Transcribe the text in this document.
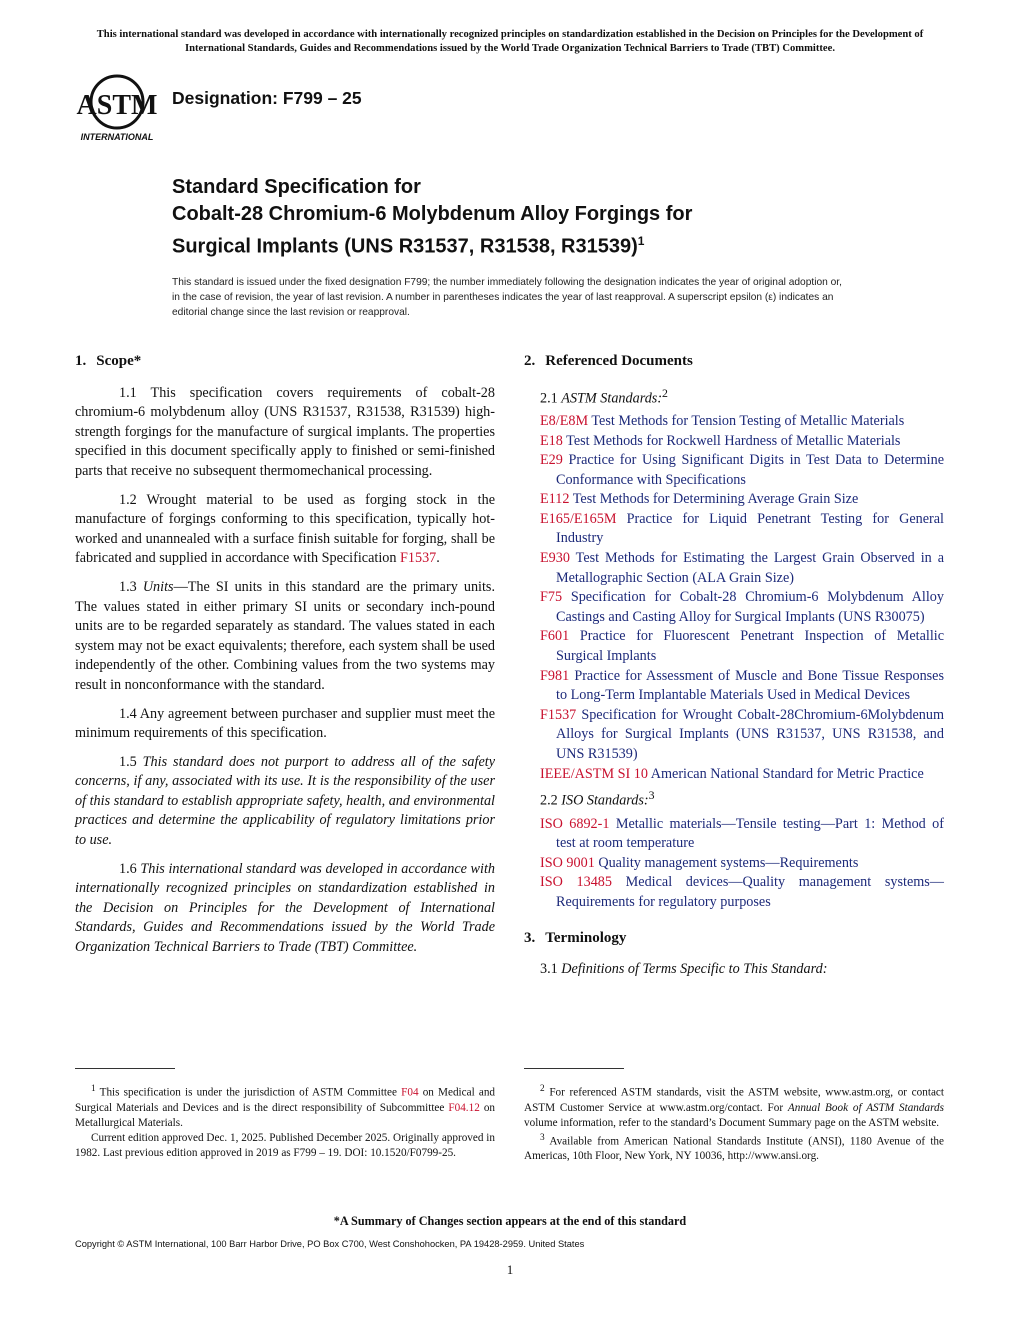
This international standard was developed in accordance with internationally recognized principles on standardization established in the Decision on Principles for the Development of International Standards, Guides and Recommendations issued by the World Trade Organization Technical Barriers to Trade (TBT) Committee.
ASTM
INTERNATIONAL
Designation: F799 – 25
Standard Specification for
Cobalt-28 Chromium-6 Molybdenum Alloy Forgings for
Surgical Implants (UNS R31537, R31538, R31539)$^1$
This standard is issued under the fixed designation F799; the number immediately following the designation indicates the year of original adoption or, in the case of revision, the year of last revision. A number in parentheses indicates the year of last reapproval. A superscript epsilon (ε) indicates an editorial change since the last revision or reapproval.
1. Scope*

1.1 This specification covers requirements of cobalt-28 chromium-6 molybdenum alloy (UNS R31537, R31538, R31539) high-strength forgings for the manufacture of surgical implants. The properties specified in this document specifically apply to finished or semi-finished parts that receive no subsequent thermomechanical processing.

1.2 Wrought material to be used as forging stock in the manufacture of forgings conforming to this specification, typically hot-worked and unannealed with a surface finish suitable for forging, shall be fabricated and supplied in accordance with Specification F1537.

1.3 Units—The SI units in this standard are the primary units. The values stated in either primary SI units or secondary inch-pound units are to be regarded separately as standard. The values stated in each system may not be exact equivalents; therefore, each system shall be used independently of the other. Combining values from the two systems may result in nonconformance with the standard.

1.4 Any agreement between purchaser and supplier must meet the minimum requirements of this specification.

1.5 This standard does not purport to address all of the safety concerns, if any, associated with its use. It is the responsibility of the user of this standard to establish appropriate safety, health, and environmental practices and determine the applicability of regulatory limitations prior to use.

1.6 This international standard was developed in accordance with internationally recognized principles on standardization established in the Decision on Principles for the Development of International Standards, Guides and Recommendations issued by the World Trade Organization Technical Barriers to Trade (TBT) Committee.

2. Referenced Documents
2.1 ASTM Standards:$^2$
E8/E8M Test Methods for Tension Testing of Metallic Materials
E18 Test Methods for Rockwell Hardness of Metallic Materials
E29 Practice for Using Significant Digits in Test Data to Determine Conformance with Specifications
E112 Test Methods for Determining Average Grain Size
E165/E165M Practice for Liquid Penetrant Testing for General Industry
E930 Test Methods for Estimating the Largest Grain Observed in a Metallographic Section (ALA Grain Size)
F75 Specification for Cobalt-28 Chromium-6 Molybdenum Alloy Castings and Casting Alloy for Surgical Implants (UNS R30075)
F601 Practice for Fluorescent Penetrant Inspection of Metallic Surgical Implants
F981 Practice for Assessment of Muscle and Bone Tissue Responses to Long-Term Implantable Materials Used in Medical Devices
F1537 Specification for Wrought Cobalt-28Chromium-6Molybdenum Alloys for Surgical Implants (UNS R31537, UNS R31538, and UNS R31539)
IEEE/ASTM SI 10 American National Standard for Metric Practice
2.2 ISO Standards:$^3$
ISO 6892-1 Metallic materials—Tensile testing—Part 1: Method of test at room temperature
ISO 9001 Quality management systems—Requirements
ISO 13485 Medical devices—Quality management systems—Requirements for regulatory purposes
3. Terminology
3.1 Definitions of Terms Specific to This Standard:

$^1$ This specification is under the jurisdiction of ASTM Committee F04 on Medical and Surgical Materials and Devices and is the direct responsibility of Subcommittee F04.12 on Metallurgical Materials.

Current edition approved Dec. 1, 2025. Published December 2025. Originally approved in 1982. Last previous edition approved in 2019 as F799 – 19. DOI: 10.1520/F0799-25.

$^2$ For referenced ASTM standards, visit the ASTM website, www.astm.org, or contact ASTM Customer Service at www.astm.org/contact. For Annual Book of ASTM Standards volume information, refer to the standard’s Document Summary page on the ASTM website.

$^3$ Available from American National Standards Institute (ANSI), 1180 Avenue of the Americas, 10th Floor, New York, NY 10036, http://www.ansi.org.

*A Summary of Changes section appears at the end of this standard
Copyright © ASTM International, 100 Barr Harbor Drive, PO Box C700, West Conshohocken, PA 19428-2959. United States
1
